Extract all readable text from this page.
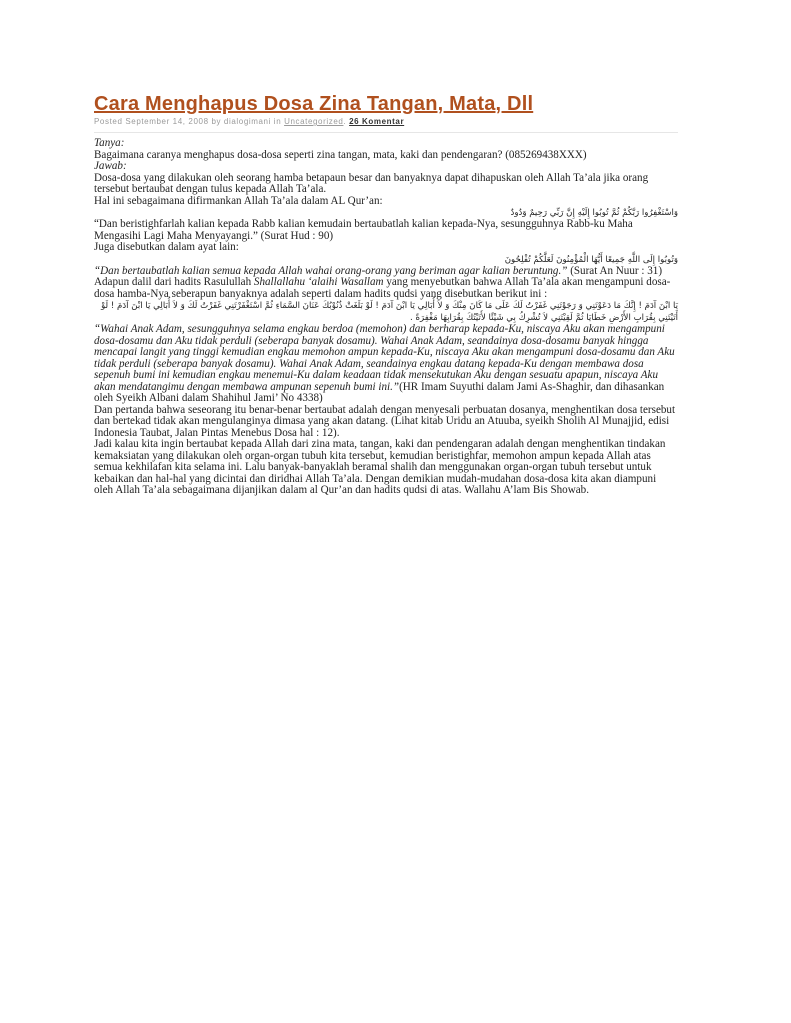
Cara Menghapus Dosa Zina Tangan, Mata, Dll
Posted September 14, 2008 by dialogimani in Uncategorized. 26 Komentar

Tanya:

Bagaimana caranya menghapus dosa-dosa seperti zina tangan, mata, kaki dan pendengaran? (085269438XXX)

Jawab:

Dosa-dosa yang dilakukan oleh seorang hamba betapaun besar dan banyaknya dapat dihapuskan oleh Allah Ta’ala jika orang tersebut bertaubat dengan tulus kepada Allah Ta’ala.

Hal ini sebagaimana difirmankan Allah Ta’ala dalam AL Qur’an:

وَاسْتَغْفِرُوا رَبَّكُمْ ثُمَّ تُوبُوا إِلَيْهِ إِنَّ رَبِّي رَحِيمٌ وَدُودٌ

“Dan beristighfarlah kalian kepada Rabb kalian kemudain bertaubatlah kalian kepada-Nya, sesungguhnya Rabb-ku Maha Mengasihi Lagi Maha Menyayangi.” (Surat Hud : 90)

Juga disebutkan dalam ayat lain:

وَتُوبُوا إِلَى اللَّهِ جَمِيعًا أَيُّهَا الْمُؤْمِنُونَ لَعَلَّكُمْ تُفْلِحُونَ

“Dan bertaubatlah kalian semua kepada Allah wahai orang-orang yang beriman agar kalian beruntung.” (Surat An Nuur : 31)

Adapun dalil dari hadits Rasulullah Shallallahu ‘alaihi Wasallam yang menyebutkan bahwa Allah Ta’ala akan mengampuni dosa-dosa hamba-Nya seberapun banyaknya adalah seperti dalam hadits qudsi yang disebutkan berikut ini :

يَا ابْنَ آدَمَ ! إِنَّكَ مَا دَعَوْتَنِي وَ رَجَوْتَنِي غَفَرْتُ لَكَ عَلَى مَا كَانَ مِنْكَ وَ لاَ أُبَالِي يَا ابْنَ آدَمَ ! لَوْ بَلَغَتْ ذُنُوْبُكَ عَنَانَ السَّمَاءِ ثُمَّ اسْتَغْفَرْتَنِي غَفَرْتُ لَكَ وَ لاَ أُبَالِي يَا ابْنَ آدَمَ ! لَوْ أَتَيْتَنِي بِقُرَابِ الأَرْضِ خَطَايَا ثُمَّ لَقِيْتَنِي لاَ تُشْرِكُ بِي شَيْئًا لأَتَيْتُكَ بِقُرَابِهَا مَغْفِرَةً .

“Wahai Anak Adam, sesungguhnya selama engkau berdoa (memohon) dan berharap kepada-Ku, niscaya Aku akan mengampuni dosa-dosamu dan Aku tidak perduli (seberapa banyak dosamu). Wahai Anak Adam, seandainya dosa-dosamu banyak hingga mencapai langit yang tinggi kemudian engkau memohon ampun kepada-Ku, niscaya Aku akan mengampuni dosa-dosamu dan Aku tidak perduli (seberapa banyak dosamu). Wahai Anak Adam, seandainya engkau datang kepada-Ku dengan membawa dosa sepenuh bumi ini kemudian engkau menemui-Ku dalam keadaan tidak mensekutukan Aku dengan sesuatu apapun, niscaya Aku akan mendatangimu dengan membawa ampunan sepenuh bumi ini.”(HR Imam Suyuthi dalam Jami As-Shaghir, dan dihasankan oleh Syeikh Albani dalam Shahihul Jami’ No 4338)

Dan pertanda bahwa seseorang itu benar-benar bertaubat adalah dengan menyesali perbuatan dosanya, menghentikan dosa tersebut dan bertekad tidak akan mengulanginya dimasa yang akan datang. (Lihat kitab Uridu an Atuuba, syeikh Sholih Al Munajjid, edisi Indonesia Taubat, Jalan Pintas Menebus Dosa hal : 12).

Jadi kalau kita ingin bertaubat kepada Allah dari zina mata, tangan, kaki dan pendengaran adalah dengan menghentikan tindakan kemaksiatan yang dilakukan oleh organ-organ tubuh kita tersebut, kemudian beristighfar, memohon ampun kepada Allah atas semua kekhilafan kita selama ini. Lalu banyak-banyaklah beramal shalih dan menggunakan organ-organ tubuh tersebut untuk kebaikan dan hal-hal yang dicintai dan diridhai Allah Ta’ala. Dengan demikian mudah-mudahan dosa-dosa kita akan diampuni oleh Allah Ta’ala sebagaimana dijanjikan dalam al Qur’an dan hadits qudsi di atas. Wallahu A’lam Bis Showab.
